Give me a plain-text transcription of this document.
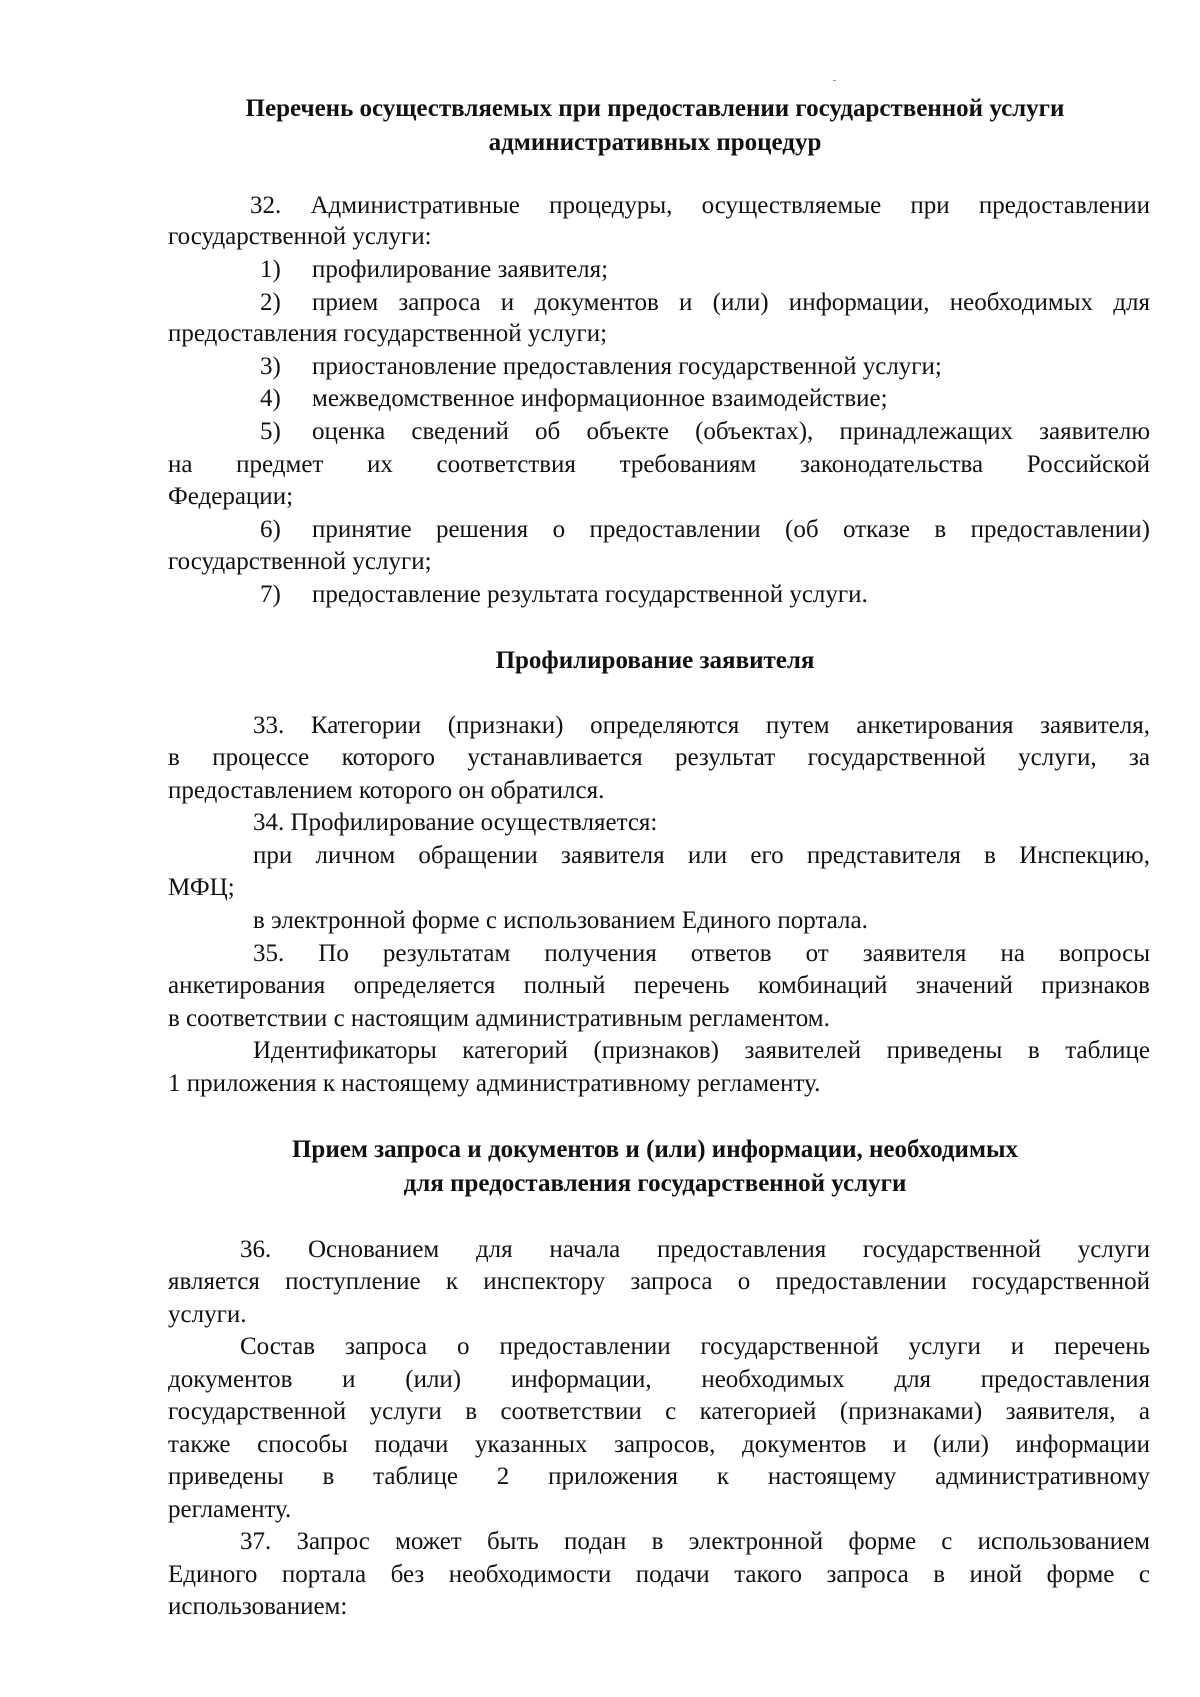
Перечень осуществляемых при предоставлении государственной услуги
административных процедур

32. Административные процедуры, осуществляемые при предоставлении

государственной услуги:

1) профилирование заявителя;

2) прием запроса и документов и (или) информации, необходимых для

предоставления государственной услуги;

3) приостановление предоставления государственной услуги;

4) межведомственное информационное взаимодействие;

5) оценка сведений об объекте (объектах), принадлежащих заявителю

на предмет их соответствия требованиям законодательства Российской

Федерации;

6) принятие решения о предоставлении (об отказе в предоставлении)

государственной услуги;

7) предоставление результата государственной услуги.

Профилирование заявителя

33. Категории (признаки) определяются путем анкетирования заявителя,

в процессе которого устанавливается результат государственной услуги, за

предоставлением которого он обратился.

34. Профилирование осуществляется:

при личном обращении заявителя или его представителя в Инспекцию,

МФЦ;

в электронной форме с использованием Единого портала.

35. По результатам получения ответов от заявителя на вопросы

анкетирования определяется полный перечень комбинаций значений признаков

в соответствии с настоящим административным регламентом.

Идентификаторы категорий (признаков) заявителей приведены в таблице

1 приложения к настоящему административному регламенту.

Прием запроса и документов и (или) информации, необходимых
для предоставления государственной услуги

36. Основанием для начала предоставления государственной услуги

является поступление к инспектору запроса о предоставлении государственной

услуги.

Состав запроса о предоставлении государственной услуги и перечень

документов и (или) информации, необходимых для предоставления

государственной услуги в соответствии с категорией (признаками) заявителя, а

также способы подачи указанных запросов, документов и (или) информации

приведены в таблице 2 приложения к настоящему административному

регламенту.

37. Запрос может быть подан в электронной форме с использованием

Единого портала без необходимости подачи такого запроса в иной форме с

использованием:
